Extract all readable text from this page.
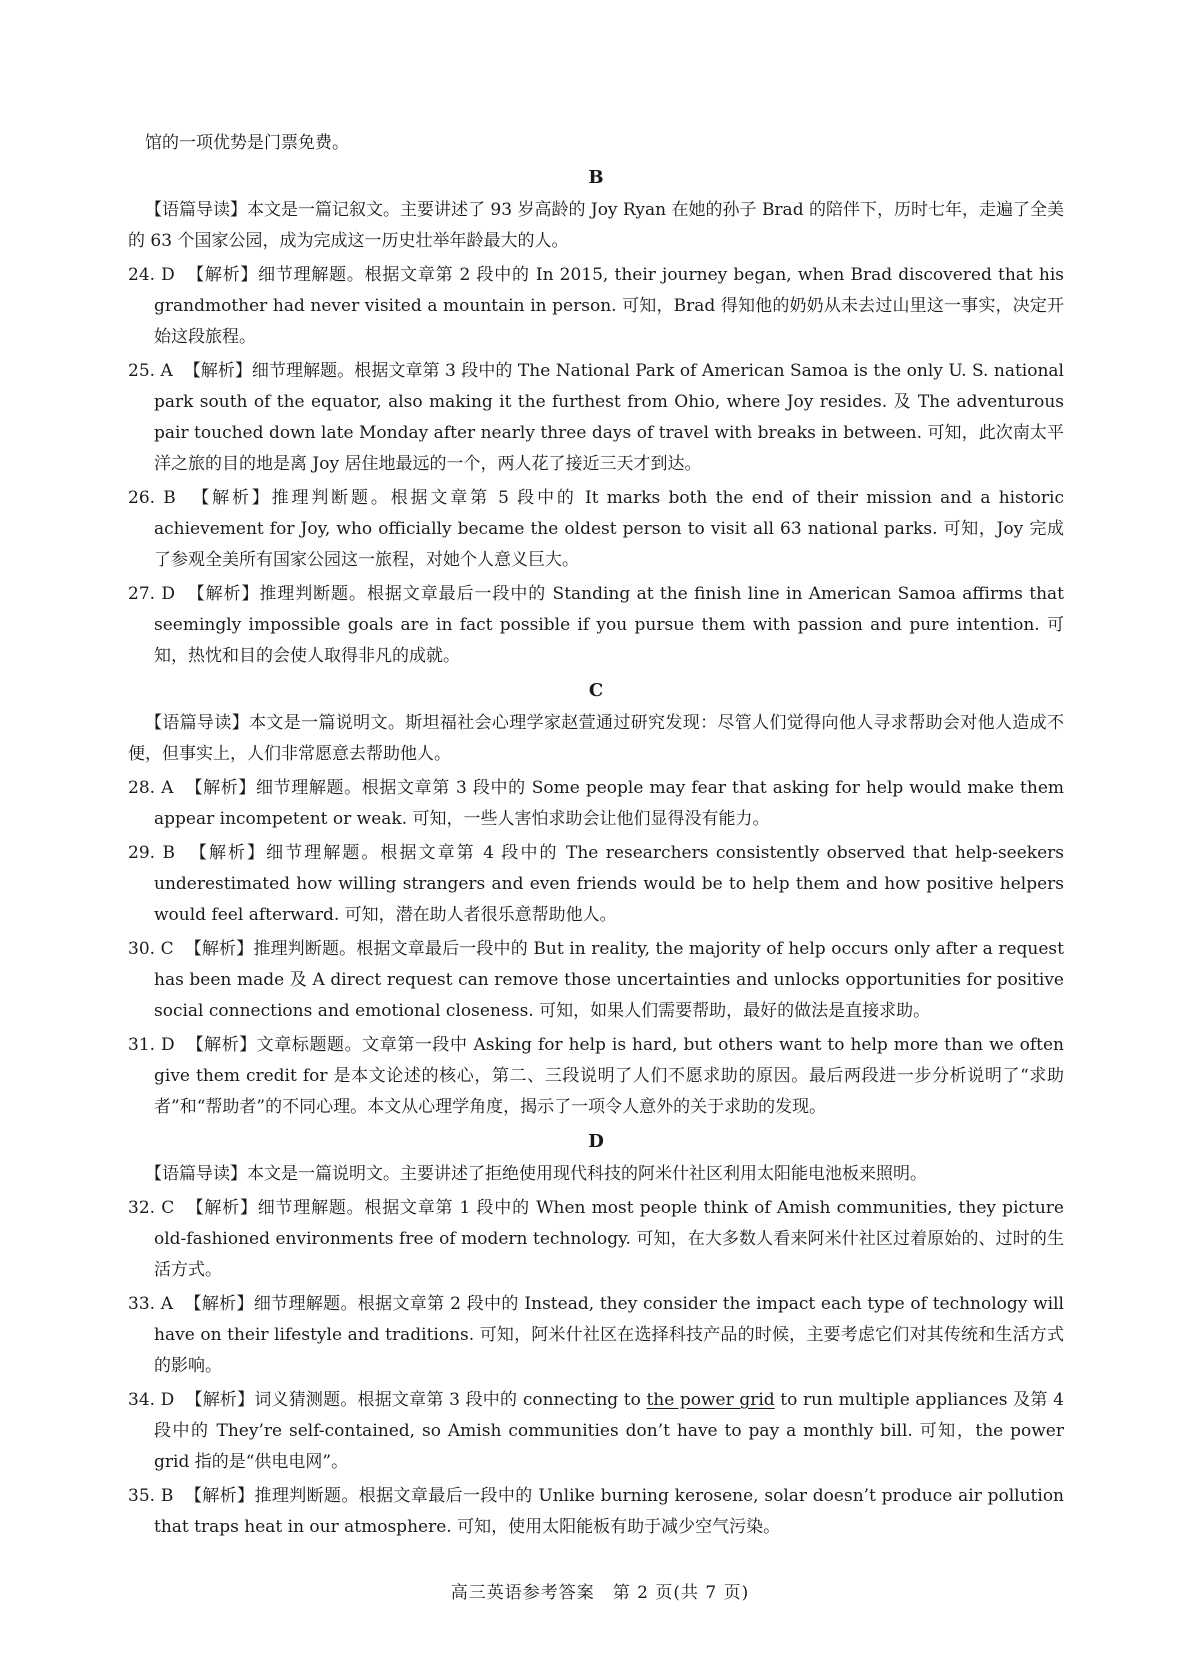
馆的一项优势是门票免费。

B

【语篇导读】本文是一篇记叙文。主要讲述了 93 岁高龄的 Joy Ryan 在她的孙子 Brad 的陪伴下，历时七年，走遍了全美的 63 个国家公园，成为完成这一历史壮举年龄最大的人。

24. D 【解析】细节理解题。根据文章第 2 段中的 In 2015, their journey began, when Brad discovered that his grandmother had never visited a mountain in person. 可知，Brad 得知他的奶奶从未去过山里这一事实，决定开始这段旅程。
25. A 【解析】细节理解题。根据文章第 3 段中的 The National Park of American Samoa is the only U. S. national park south of the equator, also making it the furthest from Ohio, where Joy resides. 及 The adventurous pair touched down late Monday after nearly three days of travel with breaks in between. 可知，此次南太平洋之旅的目的地是离 Joy 居住地最远的一个，两人花了接近三天才到达。
26. B 【解析】推理判断题。根据文章第 5 段中的 It marks both the end of their mission and a historic achievement for Joy, who officially became the oldest person to visit all 63 national parks. 可知，Joy 完成了参观全美所有国家公园这一旅程，对她个人意义巨大。
27. D 【解析】推理判断题。根据文章最后一段中的 Standing at the finish line in American Samoa affirms that seemingly impossible goals are in fact possible if you pursue them with passion and pure intention. 可知，热忱和目的会使人取得非凡的成就。
C

【语篇导读】本文是一篇说明文。斯坦福社会心理学家赵萱通过研究发现：尽管人们觉得向他人寻求帮助会对他人造成不便，但事实上，人们非常愿意去帮助他人。

28. A 【解析】细节理解题。根据文章第 3 段中的 Some people may fear that asking for help would make them appear incompetent or weak. 可知，一些人害怕求助会让他们显得没有能力。
29. B 【解析】细节理解题。根据文章第 4 段中的 The researchers consistently observed that help-seekers underestimated how willing strangers and even friends would be to help them and how positive helpers would feel afterward. 可知，潜在助人者很乐意帮助他人。
30. C 【解析】推理判断题。根据文章最后一段中的 But in reality, the majority of help occurs only after a request has been made 及 A direct request can remove those uncertainties and unlocks opportunities for positive social connections and emotional closeness. 可知，如果人们需要帮助，最好的做法是直接求助。
31. D 【解析】文章标题题。文章第一段中 Asking for help is hard, but others want to help more than we often give them credit for 是本文论述的核心，第二、三段说明了人们不愿求助的原因。最后两段进一步分析说明了“求助者”和“帮助者”的不同心理。本文从心理学角度，揭示了一项令人意外的关于求助的发现。
D

【语篇导读】本文是一篇说明文。主要讲述了拒绝使用现代科技的阿米什社区利用太阳能电池板来照明。

32. C 【解析】细节理解题。根据文章第 1 段中的 When most people think of Amish communities, they picture old-fashioned environments free of modern technology. 可知，在大多数人看来阿米什社区过着原始的、过时的生活方式。
33. A 【解析】细节理解题。根据文章第 2 段中的 Instead, they consider the impact each type of technology will have on their lifestyle and traditions. 可知，阿米什社区在选择科技产品的时候，主要考虑它们对其传统和生活方式的影响。
34. D 【解析】词义猜测题。根据文章第 3 段中的 connecting to the power grid to run multiple appliances 及第 4 段中的 They’re self-contained, so Amish communities don’t have to pay a monthly bill. 可知，the power grid 指的是“供电电网”。
35. B 【解析】推理判断题。根据文章最后一段中的 Unlike burning kerosene, solar doesn’t produce air pollution that traps heat in our atmosphere. 可知，使用太阳能板有助于减少空气污染。
高三英语参考答案　第 2 页(共 7 页)
